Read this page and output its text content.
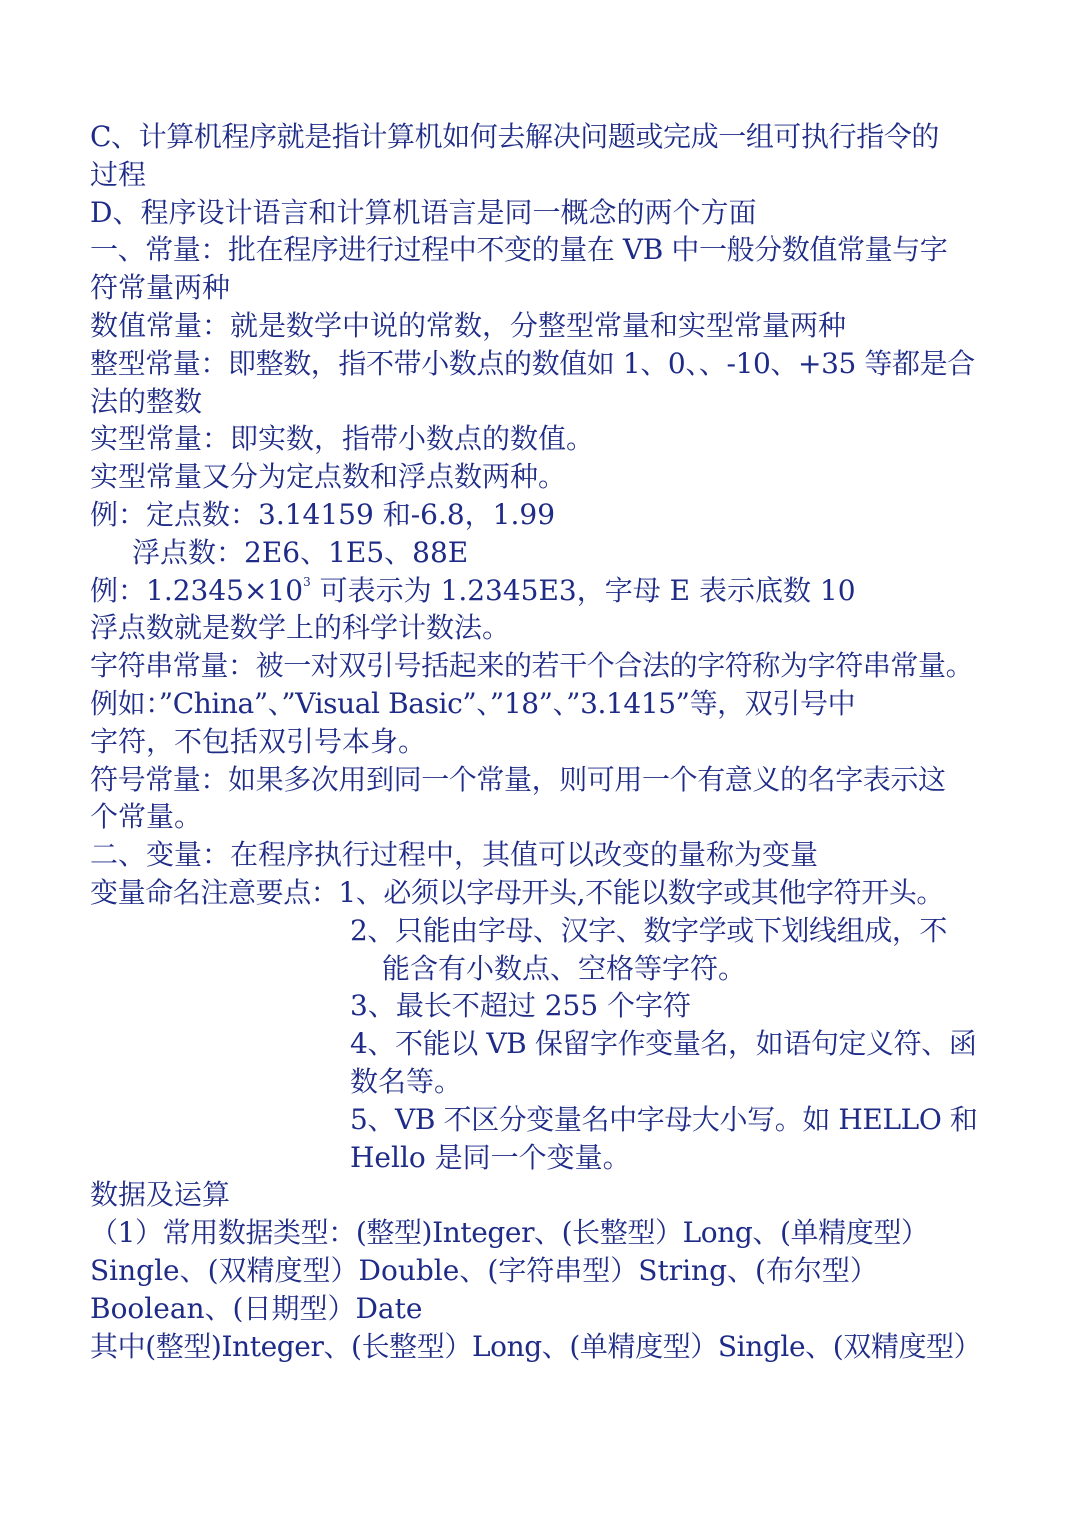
C、计算机程序就是指计算机如何去解决问题或完成一组可执行指令的
过程
D、程序设计语言和计算机语言是同一概念的两个方面
一、常量：批在程序进行过程中不变的量在 VB 中一般分数值常量与字
符常量两种
数值常量：就是数学中说的常数，分整型常量和实型常量两种
整型常量：即整数，指不带小数点的数值如 1、0、、-10、+35 等都是合
法的整数
实型常量：即实数，指带小数点的数值。
实型常量又分为定点数和浮点数两种。
例：定点数：3.14159 和-6.8，1.99
浮点数：2E6、1E5、88E
例：$1.2345\times 10^3$ 可表示为 1.2345E3，字母 E 表示底数 10
浮点数就是数学上的科学计数法。
字符串常量：被一对双引号括起来的若干个合法的字符称为字符串常量。
例如：”China”、”Visual Basic”、”18”、”3.1415”等，双引号中
字符，不包括双引号本身。
符号常量：如果多次用到同一个常量，则可用一个有意义的名字表示这
个常量。
二、变量：在程序执行过程中，其值可以改变的量称为变量
变量命名注意要点：1、必须以字母开头,不能以数字或其他字符开头。
2、只能由字母、汉字、数字学或下划线组成，不
能含有小数点、空格等字符。
3、最长不超过 255 个字符
4、不能以 VB 保留字作变量名，如语句定义符、函
数名等。
5、VB 不区分变量名中字母大小写。如 HELLO 和
Hello 是同一个变量。
数据及运算
（1）常用数据类型：(整型)Integer、(长整型）Long、(单精度型）
Single、(双精度型）Double、(字符串型）String、(布尔型）
Boolean、(日期型）Date
其中(整型)Integer、(长整型）Long、(单精度型）Single、(双精度型）
